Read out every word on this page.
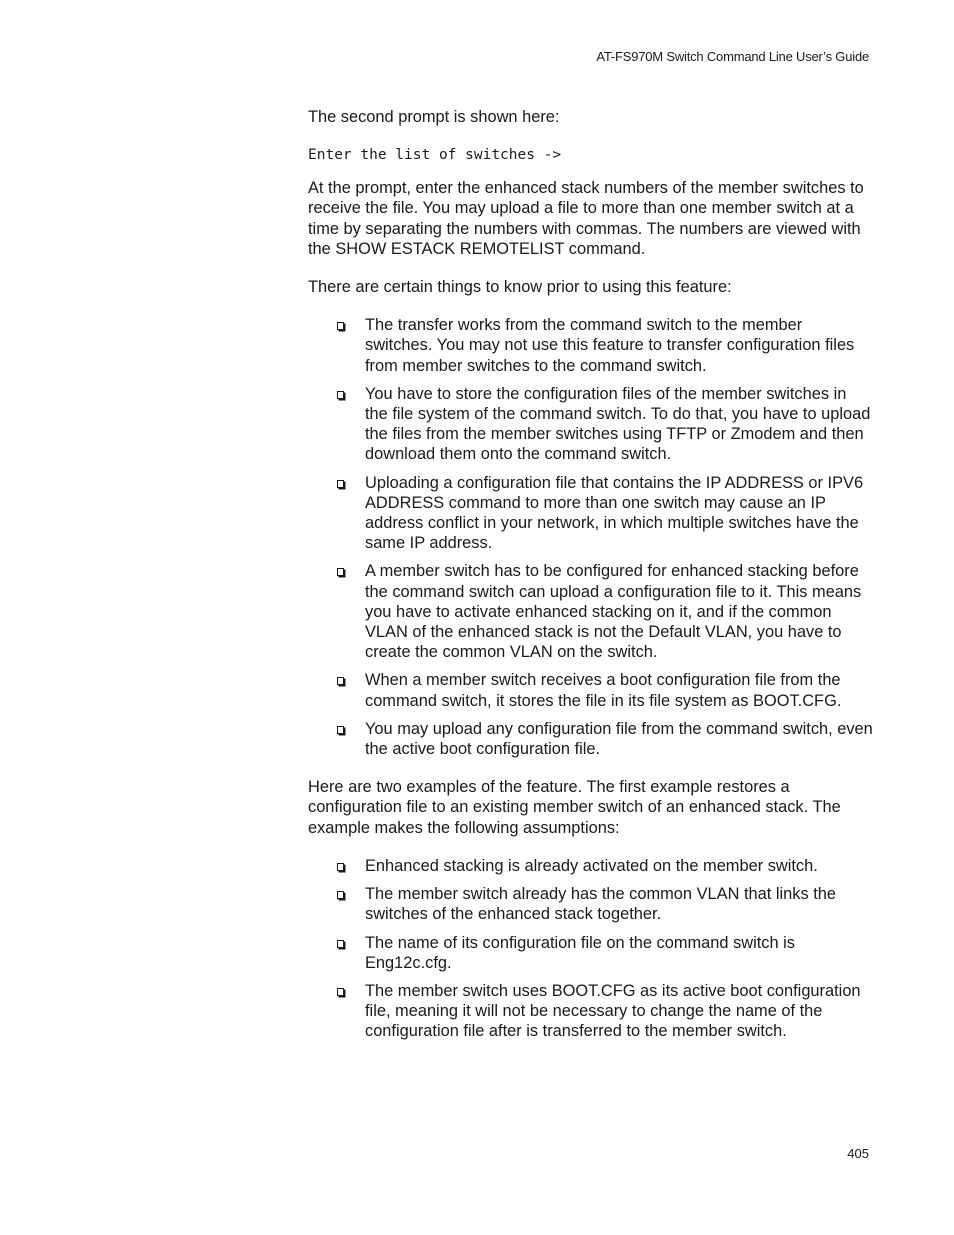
AT-FS970M Switch Command Line User’s Guide

The second prompt is shown here:

Enter the list of switches ->

At the prompt, enter the enhanced stack numbers of the member switches to receive the file. You may upload a file to more than one member switch at a time by separating the numbers with commas. The numbers are viewed with the SHOW ESTACK REMOTELIST command.

There are certain things to know prior to using this feature:

The transfer works from the command switch to the member switches. You may not use this feature to transfer configuration files from member switches to the command switch.
You have to store the configuration files of the member switches in the file system of the command switch. To do that, you have to upload the files from the member switches using TFTP or Zmodem and then download them onto the command switch.
Uploading a configuration file that contains the IP ADDRESS or IPV6 ADDRESS command to more than one switch may cause an IP address conflict in your network, in which multiple switches have the same IP address.
A member switch has to be configured for enhanced stacking before the command switch can upload a configuration file to it. This means you have to activate enhanced stacking on it, and if the common VLAN of the enhanced stack is not the Default VLAN, you have to create the common VLAN on the switch.
When a member switch receives a boot configuration file from the command switch, it stores the file in its file system as BOOT.CFG.
You may upload any configuration file from the command switch, even the active boot configuration file.

Here are two examples of the feature. The first example restores a configuration file to an existing member switch of an enhanced stack. The example makes the following assumptions:

Enhanced stacking is already activated on the member switch.
The member switch already has the common VLAN that links the switches of the enhanced stack together.
The name of its configuration file on the command switch is Eng12c.cfg.
The member switch uses BOOT.CFG as its active boot configuration file, meaning it will not be necessary to change the name of the configuration file after is transferred to the member switch.
405
